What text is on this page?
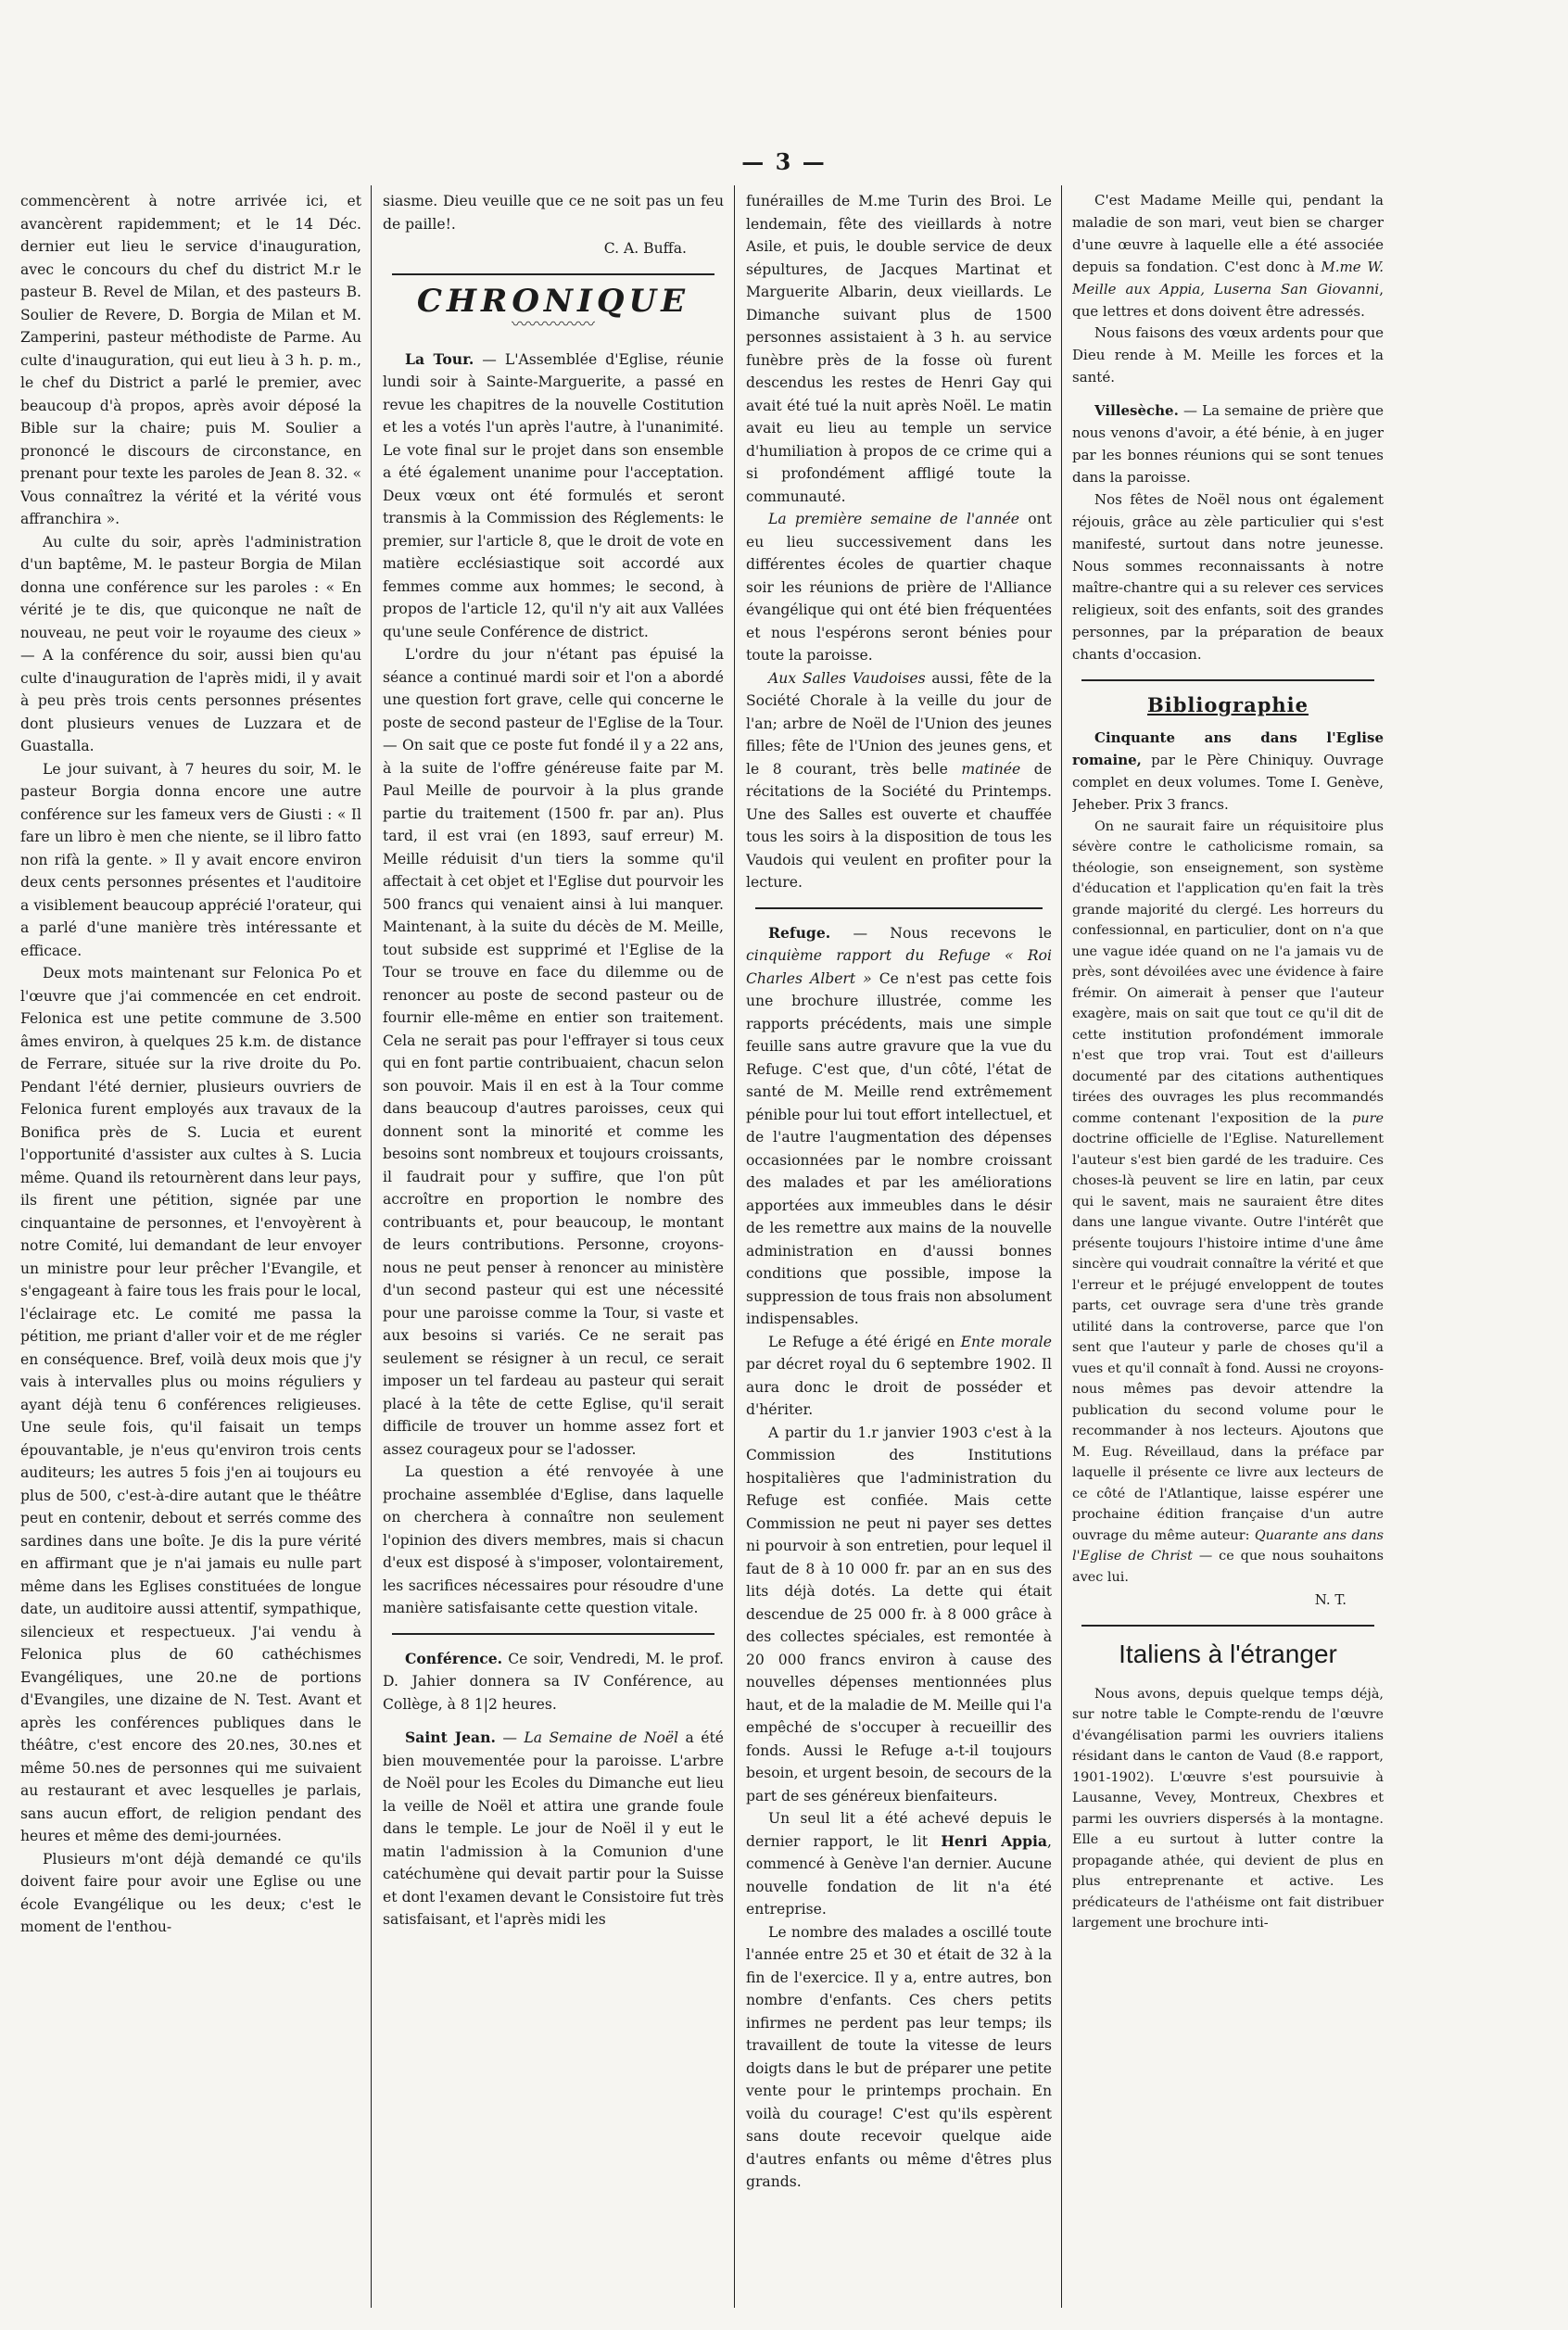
— 3 —

commencèrent à notre arrivée ici, et avancèrent rapidemment; et le 14 Déc. dernier eut lieu le service d'inauguration, avec le concours du chef du district M.r le pasteur B. Revel de Milan, et des pasteurs B. Soulier de Revere, D. Borgia de Milan et M. Zamperini, pasteur méthodiste de Parme. Au culte d'inauguration, qui eut lieu à 3 h. p. m., le chef du District a parlé le premier, avec beaucoup d'à propos, après avoir déposé la Bible sur la chaire; puis M. Soulier a prononcé le discours de circonstance, en prenant pour texte les paroles de Jean 8. 32. « Vous connaîtrez la vérité et la vérité vous affranchira ».

Au culte du soir, après l'administration d'un baptême, M. le pasteur Borgia de Milan donna une conférence sur les paroles : « En vérité je te dis, que quiconque ne naît de nouveau, ne peut voir le royaume des cieux » — A la conférence du soir, aussi bien qu'au culte d'inauguration de l'après midi, il y avait à peu près trois cents personnes présentes dont plusieurs venues de Luzzara et de Guastalla.

Le jour suivant, à 7 heures du soir, M. le pasteur Borgia donna encore une autre conférence sur les fameux vers de Giusti : « Il fare un libro è men che niente, se il libro fatto non rifà la gente. » Il y avait encore environ deux cents personnes présentes et l'auditoire a visiblement beaucoup apprécié l'orateur, qui a parlé d'une manière très intéressante et efficace.

Deux mots maintenant sur Felonica Po et l'œuvre que j'ai commencée en cet endroit. Felonica est une petite commune de 3.500 âmes environ, à quelques 25 k.m. de distance de Ferrare, située sur la rive droite du Po. Pendant l'été dernier, plusieurs ouvriers de Felonica furent employés aux travaux de la Bonifica près de S. Lucia et eurent l'opportunité d'assister aux cultes à S. Lucia même. Quand ils retournèrent dans leur pays, ils firent une pétition, signée par une cinquantaine de personnes, et l'envoyèrent à notre Comité, lui demandant de leur envoyer un ministre pour leur prêcher l'Evangile, et s'engageant à faire tous les frais pour le local, l'éclairage etc. Le comité me passa la pétition, me priant d'aller voir et de me régler en conséquence. Bref, voilà deux mois que j'y vais à intervalles plus ou moins réguliers y ayant déjà tenu 6 conférences religieuses. Une seule fois, qu'il faisait un temps épouvantable, je n'eus qu'environ trois cents auditeurs; les autres 5 fois j'en ai toujours eu plus de 500, c'est-à-dire autant que le théâtre peut en contenir, debout et serrés comme des sardines dans une boîte. Je dis la pure vérité en affirmant que je n'ai jamais eu nulle part même dans les Eglises constituées de longue date, un auditoire aussi attentif, sympathique, silencieux et respectueux. J'ai vendu à Felonica plus de 60 cathéchismes Evangéliques, une 20.ne de portions d'Evangiles, une dizaine de N. Test. Avant et après les conférences publiques dans le théâtre, c'est encore des 20.nes, 30.nes et même 50.nes de personnes qui me suivaient au restaurant et avec lesquelles je parlais, sans aucun effort, de religion pendant des heures et même des demi-journées.

Plusieurs m'ont déjà demandé ce qu'ils doivent faire pour avoir une Eglise ou une école Evangélique ou les deux; c'est le moment de l'enthou-

siasme. Dieu veuille que ce ne soit pas un feu de paille!.

C. A. Buffa.

CHRONIQUE
〰〰〰〰〰

La Tour. — L'Assemblée d'Eglise, réunie lundi soir à Sainte-Marguerite, a passé en revue les chapitres de la nouvelle Costitution et les a votés l'un après l'autre, à l'unanimité. Le vote final sur le projet dans son ensemble a été également unanime pour l'acceptation. Deux vœux ont été formulés et seront transmis à la Commission des Réglements: le premier, sur l'article 8, que le droit de vote en matière ecclésiastique soit accordé aux femmes comme aux hommes; le second, à propos de l'article 12, qu'il n'y ait aux Vallées qu'une seule Conférence de district.

L'ordre du jour n'étant pas épuisé la séance a continué mardi soir et l'on a abordé une question fort grave, celle qui concerne le poste de second pasteur de l'Eglise de la Tour. — On sait que ce poste fut fondé il y a 22 ans, à la suite de l'offre généreuse faite par M. Paul Meille de pourvoir à la plus grande partie du traitement (1500 fr. par an). Plus tard, il est vrai (en 1893, sauf erreur) M. Meille réduisit d'un tiers la somme qu'il affectait à cet objet et l'Eglise dut pourvoir les 500 francs qui venaient ainsi à lui manquer. Maintenant, à la suite du décès de M. Meille, tout subside est supprimé et l'Eglise de la Tour se trouve en face du dilemme ou de renoncer au poste de second pasteur ou de fournir elle-même en entier son traitement. Cela ne serait pas pour l'effrayer si tous ceux qui en font partie contribuaient, chacun selon son pouvoir. Mais il en est à la Tour comme dans beaucoup d'autres paroisses, ceux qui donnent sont la minorité et comme les besoins sont nombreux et toujours croissants, il faudrait pour y suffire, que l'on pût accroître en proportion le nombre des contribuants et, pour beaucoup, le montant de leurs contributions. Personne, croyons-nous ne peut penser à renoncer au ministère d'un second pasteur qui est une nécessité pour une paroisse comme la Tour, si vaste et aux besoins si variés. Ce ne serait pas seulement se résigner à un recul, ce serait imposer un tel fardeau au pasteur qui serait placé à la tête de cette Eglise, qu'il serait difficile de trouver un homme assez fort et assez courageux pour se l'adosser.

La question a été renvoyée à une prochaine assemblée d'Eglise, dans laquelle on cherchera à connaître non seulement l'opinion des divers membres, mais si chacun d'eux est disposé à s'imposer, volontairement, les sacrifices nécessaires pour résoudre d'une manière satisfaisante cette question vitale.

Conférence. Ce soir, Vendredi, M. le prof. D. Jahier donnera sa IV Conférence, au Collège, à 8 1|2 heures.

Saint Jean. — La Semaine de Noël a été bien mouvementée pour la paroisse. L'arbre de Noël pour les Ecoles du Dimanche eut lieu la veille de Noël et attira une grande foule dans le temple. Le jour de Noël il y eut le matin l'admission à la Comunion d'une catéchumène qui devait partir pour la Suisse et dont l'examen devant le Consistoire fut très satisfaisant, et l'après midi les

funérailles de M.me Turin des Broi. Le lendemain, fête des vieillards à notre Asile, et puis, le double service de deux sépultures, de Jacques Martinat et Marguerite Albarin, deux vieillards. Le Dimanche suivant plus de 1500 personnes assistaient à 3 h. au service funèbre près de la fosse où furent descendus les restes de Henri Gay qui avait été tué la nuit après Noël. Le matin avait eu lieu au temple un service d'humiliation à propos de ce crime qui a si profondément affligé toute la communauté.

La première semaine de l'année ont eu lieu successivement dans les différentes écoles de quartier chaque soir les réunions de prière de l'Alliance évangélique qui ont été bien fréquentées et nous l'espérons seront bénies pour toute la paroisse.

Aux Salles Vaudoises aussi, fête de la Société Chorale à la veille du jour de l'an; arbre de Noël de l'Union des jeunes filles; fête de l'Union des jeunes gens, et le 8 courant, très belle matinée de récitations de la Société du Printemps. Une des Salles est ouverte et chauffée tous les soirs à la disposition de tous les Vaudois qui veulent en profiter pour la lecture.

Refuge. — Nous recevons le cinquième rapport du Refuge « Roi Charles Albert » Ce n'est pas cette fois une brochure illustrée, comme les rapports précédents, mais une simple feuille sans autre gravure que la vue du Refuge. C'est que, d'un côté, l'état de santé de M. Meille rend extrêmement pénible pour lui tout effort intellectuel, et de l'autre l'augmentation des dépenses occasionnées par le nombre croissant des malades et par les améliorations apportées aux immeubles dans le désir de les remettre aux mains de la nouvelle administration en d'aussi bonnes conditions que possible, impose la suppression de tous frais non absolument indispensables.

Le Refuge a été érigé en Ente morale par décret royal du 6 septembre 1902. Il aura donc le droit de posséder et d'hériter.

A partir du 1.r janvier 1903 c'est à la Commission des Institutions hospitalières que l'administration du Refuge est confiée. Mais cette Commission ne peut ni payer ses dettes ni pourvoir à son entretien, pour lequel il faut de 8 à 10 000 fr. par an en sus des lits déjà dotés. La dette qui était descendue de 25 000 fr. à 8 000 grâce à des collectes spéciales, est remontée à 20 000 francs environ à cause des nouvelles dépenses mentionnées plus haut, et de la maladie de M. Meille qui l'a empêché de s'occuper à recueillir des fonds. Aussi le Refuge a-t-il toujours besoin, et urgent besoin, de secours de la part de ses généreux bienfaiteurs.

Un seul lit a été achevé depuis le dernier rapport, le lit Henri Appia, commencé à Genève l'an dernier. Aucune nouvelle fondation de lit n'a été entreprise.

Le nombre des malades a oscillé toute l'année entre 25 et 30 et était de 32 à la fin de l'exercice. Il y a, entre autres, bon nombre d'enfants. Ces chers petits infirmes ne perdent pas leur temps; ils travaillent de toute la vitesse de leurs doigts dans le but de préparer une petite vente pour le printemps prochain. En voilà du courage! C'est qu'ils espèrent sans doute recevoir quelque aide d'autres enfants ou même d'êtres plus grands.

C'est Madame Meille qui, pendant la maladie de son mari, veut bien se charger d'une œuvre à laquelle elle a été associée depuis sa fondation. C'est donc à M.me W. Meille aux Appia, Luserna San Giovanni, que lettres et dons doivent être adressés.

Nous faisons des vœux ardents pour que Dieu rende à M. Meille les forces et la santé.

Villesèche. — La semaine de prière que nous venons d'avoir, a été bénie, à en juger par les bonnes réunions qui se sont tenues dans la paroisse.

Nos fêtes de Noël nous ont également réjouis, grâce au zèle particulier qui s'est manifesté, surtout dans notre jeunesse. Nous sommes reconnaissants à notre maître-chantre qui a su relever ces services religieux, soit des enfants, soit des grandes personnes, par la préparation de beaux chants d'occasion.

Bibliographie

Cinquante ans dans l'Eglise romaine, par le Père Chiniquy. Ouvrage complet en deux volumes. Tome I. Genève, Jeheber. Prix 3 francs.

On ne saurait faire un réquisitoire plus sévère contre le catholicisme romain, sa théologie, son enseignement, son système d'éducation et l'application qu'en fait la très grande majorité du clergé. Les horreurs du confessionnal, en particulier, dont on n'a que une vague idée quand on ne l'a jamais vu de près, sont dévoilées avec une évidence à faire frémir. On aimerait à penser que l'auteur exagère, mais on sait que tout ce qu'il dit de cette institution profondément immorale n'est que trop vrai. Tout est d'ailleurs documenté par des citations authentiques tirées des ouvrages les plus recommandés comme contenant l'exposition de la pure doctrine officielle de l'Eglise. Naturellement l'auteur s'est bien gardé de les traduire. Ces choses-là peuvent se lire en latin, par ceux qui le savent, mais ne sauraient être dites dans une langue vivante. Outre l'intérêt que présente toujours l'histoire intime d'une âme sincère qui voudrait connaître la vérité et que l'erreur et le préjugé enveloppent de toutes parts, cet ouvrage sera d'une très grande utilité dans la controverse, parce que l'on sent que l'auteur y parle de choses qu'il a vues et qu'il connaît à fond. Aussi ne croyons-nous mêmes pas devoir attendre la publication du second volume pour le recommander à nos lecteurs. Ajoutons que M. Eug. Réveillaud, dans la préface par laquelle il présente ce livre aux lecteurs de ce côté de l'Atlantique, laisse espérer une prochaine édition française d'un autre ouvrage du même auteur: Quarante ans dans l'Eglise de Christ — ce que nous souhaitons avec lui.

N. T.

Italiens à l'étranger

Nous avons, depuis quelque temps déjà, sur notre table le Compte-rendu de l'œuvre d'évangélisation parmi les ouvriers italiens résidant dans le canton de Vaud (8.e rapport, 1901-1902). L'œuvre s'est poursuivie à Lausanne, Vevey, Montreux, Chexbres et parmi les ouvriers dispersés à la montagne. Elle a eu surtout à lutter contre la propagande athée, qui devient de plus en plus entreprenante et active. Les prédicateurs de l'athéisme ont fait distribuer largement une brochure inti-
